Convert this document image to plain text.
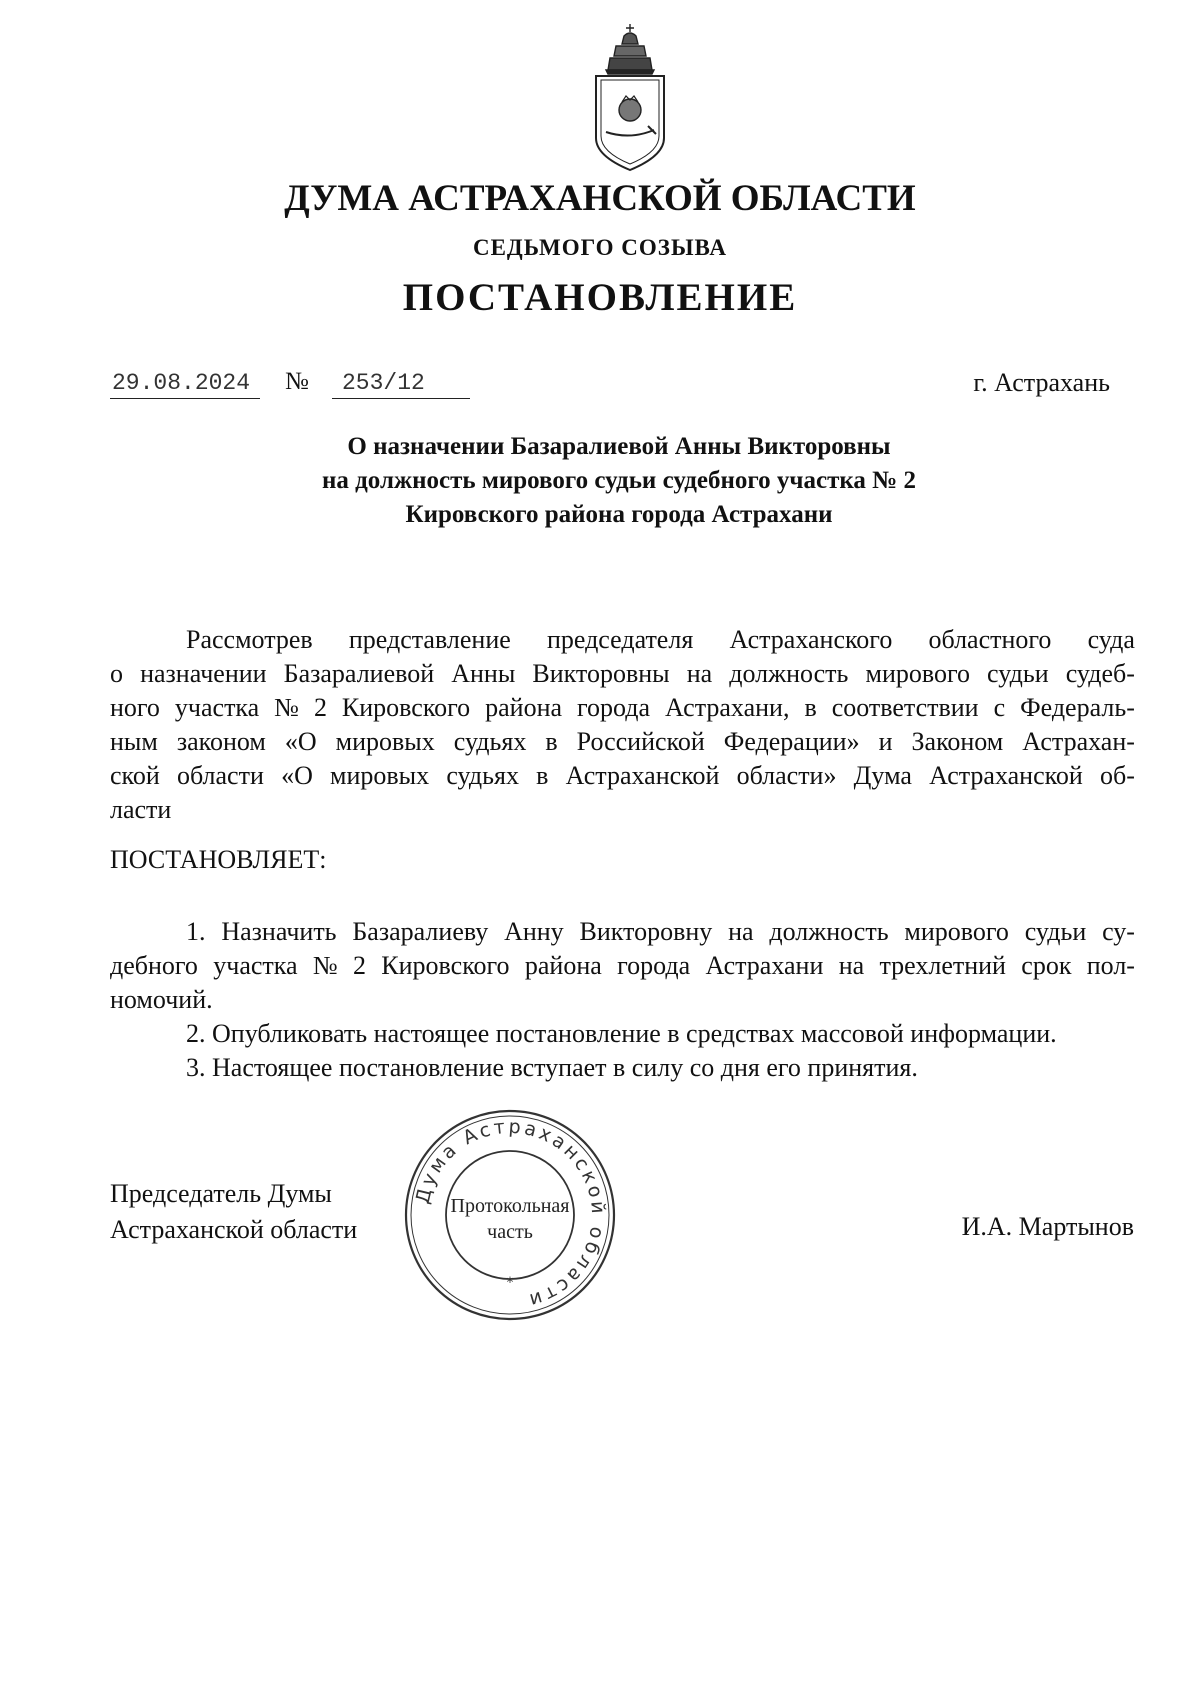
ДУМА АСТРАХАНСКОЙ ОБЛАСТИ
СЕДЬМОГО СОЗЫВА
ПОСТАНОВЛЕНИЕ
29.08.2024	№	253/12	г. Астрахань
О назначении Базаралиевой Анны Викторовны
на должность мирового судьи судебного участка № 2
Кировского района города Астрахани
Рассмотрев представление председателя Астраханского областного суда
о назначении Базаралиевой Анны Викторовны на должность мирового судьи судеб-
ного участка № 2 Кировского района города Астрахани, в соответствии с Федераль-
ным законом «О мировых судьях в Российской Федерации» и Законом Астрахан-
ской области «О мировых судьях в Астраханской области» Дума Астраханской об-
ласти
ПОСТАНОВЛЯЕТ:
1. Назначить Базаралиеву Анну Викторовну на должность мирового судьи су-
дебного участка № 2 Кировского района города Астрахани на трехлетний срок пол-
номочий.
2. Опубликовать настоящее постановление в средствах массовой информации.
3. Настоящее постановление вступает в силу со дня его принятия.
Председатель Думы
Астраханской области
Дума Астраханской области
*
Протокольная
часть	И.А. Мартынов
